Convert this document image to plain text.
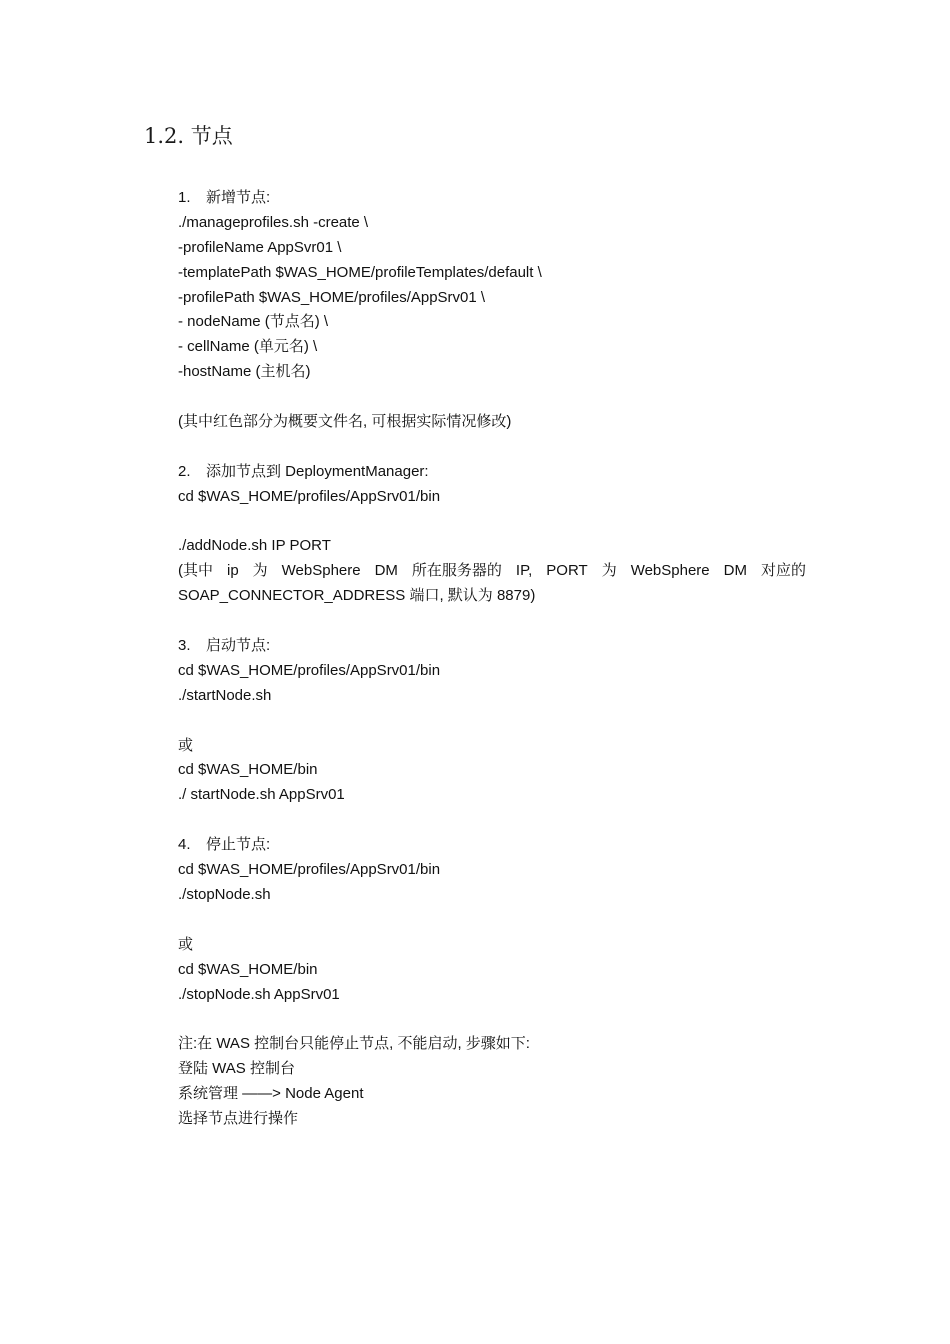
1.2. 节点
1. 新增节点:
./manageprofiles.sh -create \
-profileName AppSvr01 \
-templatePath $WAS_HOME/profileTemplates/default \
-profilePath $WAS_HOME/profiles/AppSrv01 \
- nodeName (节点名) \
- cellName (单元名) \
-hostName (主机名)
(其中红色部分为概要文件名, 可根据实际情况修改)
2. 添加节点到 DeploymentManager:
cd $WAS_HOME/profiles/AppSrv01/bin
./addNode.sh IP PORT
(其中 ip 为 WebSphere DM 所在服务器的 IP, PORT 为 WebSphere DM 对应的
SOAP_CONNECTOR_ADDRESS 端口, 默认为 8879)
3. 启动节点:
cd $WAS_HOME/profiles/AppSrv01/bin
./startNode.sh
或
cd $WAS_HOME/bin
./ startNode.sh AppSrv01
4. 停止节点:
cd $WAS_HOME/profiles/AppSrv01/bin
./stopNode.sh
或
cd $WAS_HOME/bin
./stopNode.sh AppSrv01
注:在 WAS 控制台只能停止节点, 不能启动, 步骤如下:
登陆 WAS 控制台
系统管理 ——> Node Agent
选择节点进行操作
